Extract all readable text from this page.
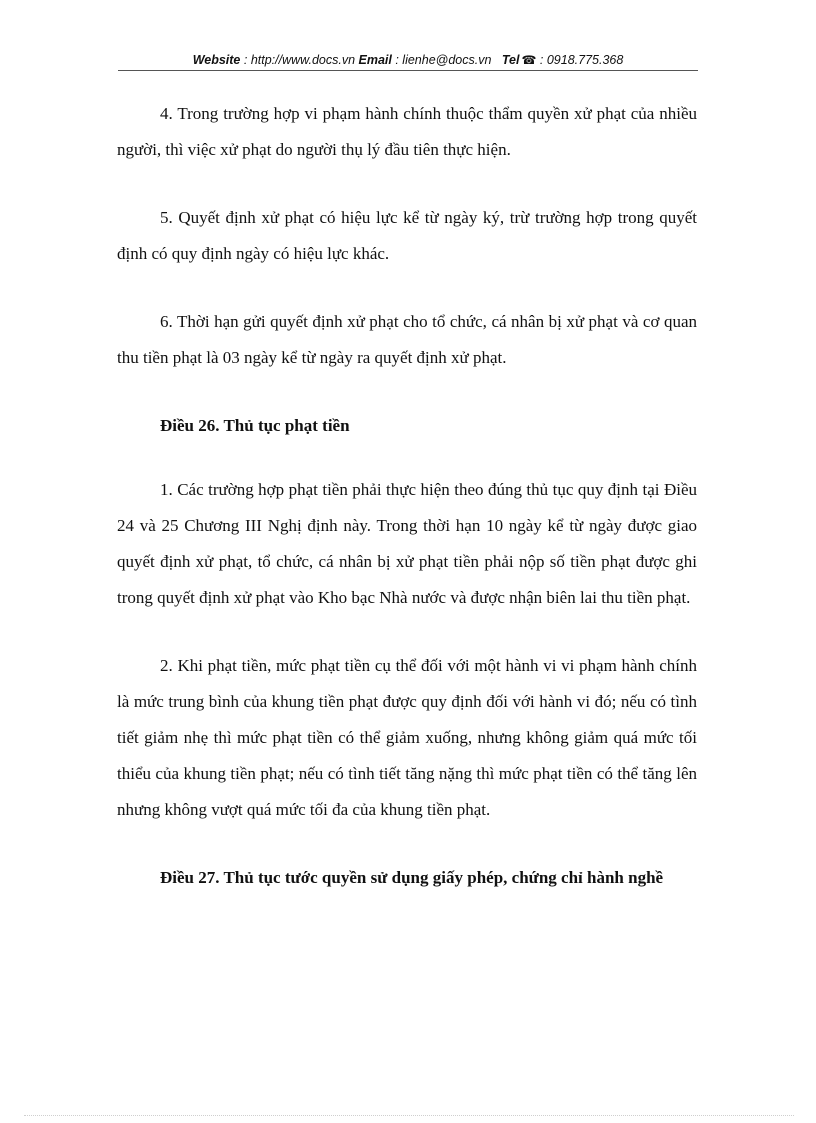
Website : http://www.docs.vn Email : lienhe@docs.vn Tel ☎ : 0918.775.368

4. Trong trường hợp vi phạm hành chính thuộc thẩm quyền xử phạt của nhiều người, thì việc xử phạt do người thụ lý đầu tiên thực hiện.

5. Quyết định xử phạt có hiệu lực kể từ ngày ký, trừ trường hợp trong quyết định có quy định ngày có hiệu lực khác.

6. Thời hạn gửi quyết định xử phạt cho tổ chức, cá nhân bị xử phạt và cơ quan thu tiền phạt là 03 ngày kể từ ngày ra quyết định xử phạt.

Điều 26. Thủ tục phạt tiền

1. Các trường hợp phạt tiền phải thực hiện theo đúng thủ tục quy định tại Điều 24 và 25 Chương III Nghị định này. Trong thời hạn 10 ngày kể từ ngày được giao quyết định xử phạt, tổ chức, cá nhân bị xử phạt tiền phải nộp số tiền phạt được ghi trong quyết định xử phạt vào Kho bạc Nhà nước và được nhận biên lai thu tiền phạt.

2. Khi phạt tiền, mức phạt tiền cụ thể đối với một hành vi vi phạm hành chính là mức trung bình của khung tiền phạt được quy định đối với hành vi đó; nếu có tình tiết giảm nhẹ thì mức phạt tiền có thể giảm xuống, nhưng không giảm quá mức tối thiểu của khung tiền phạt; nếu có tình tiết tăng nặng thì mức phạt tiền có thể tăng lên nhưng không vượt quá mức tối đa của khung tiền phạt.

Điều 27. Thủ tục tước quyền sử dụng giấy phép, chứng chỉ hành nghề
